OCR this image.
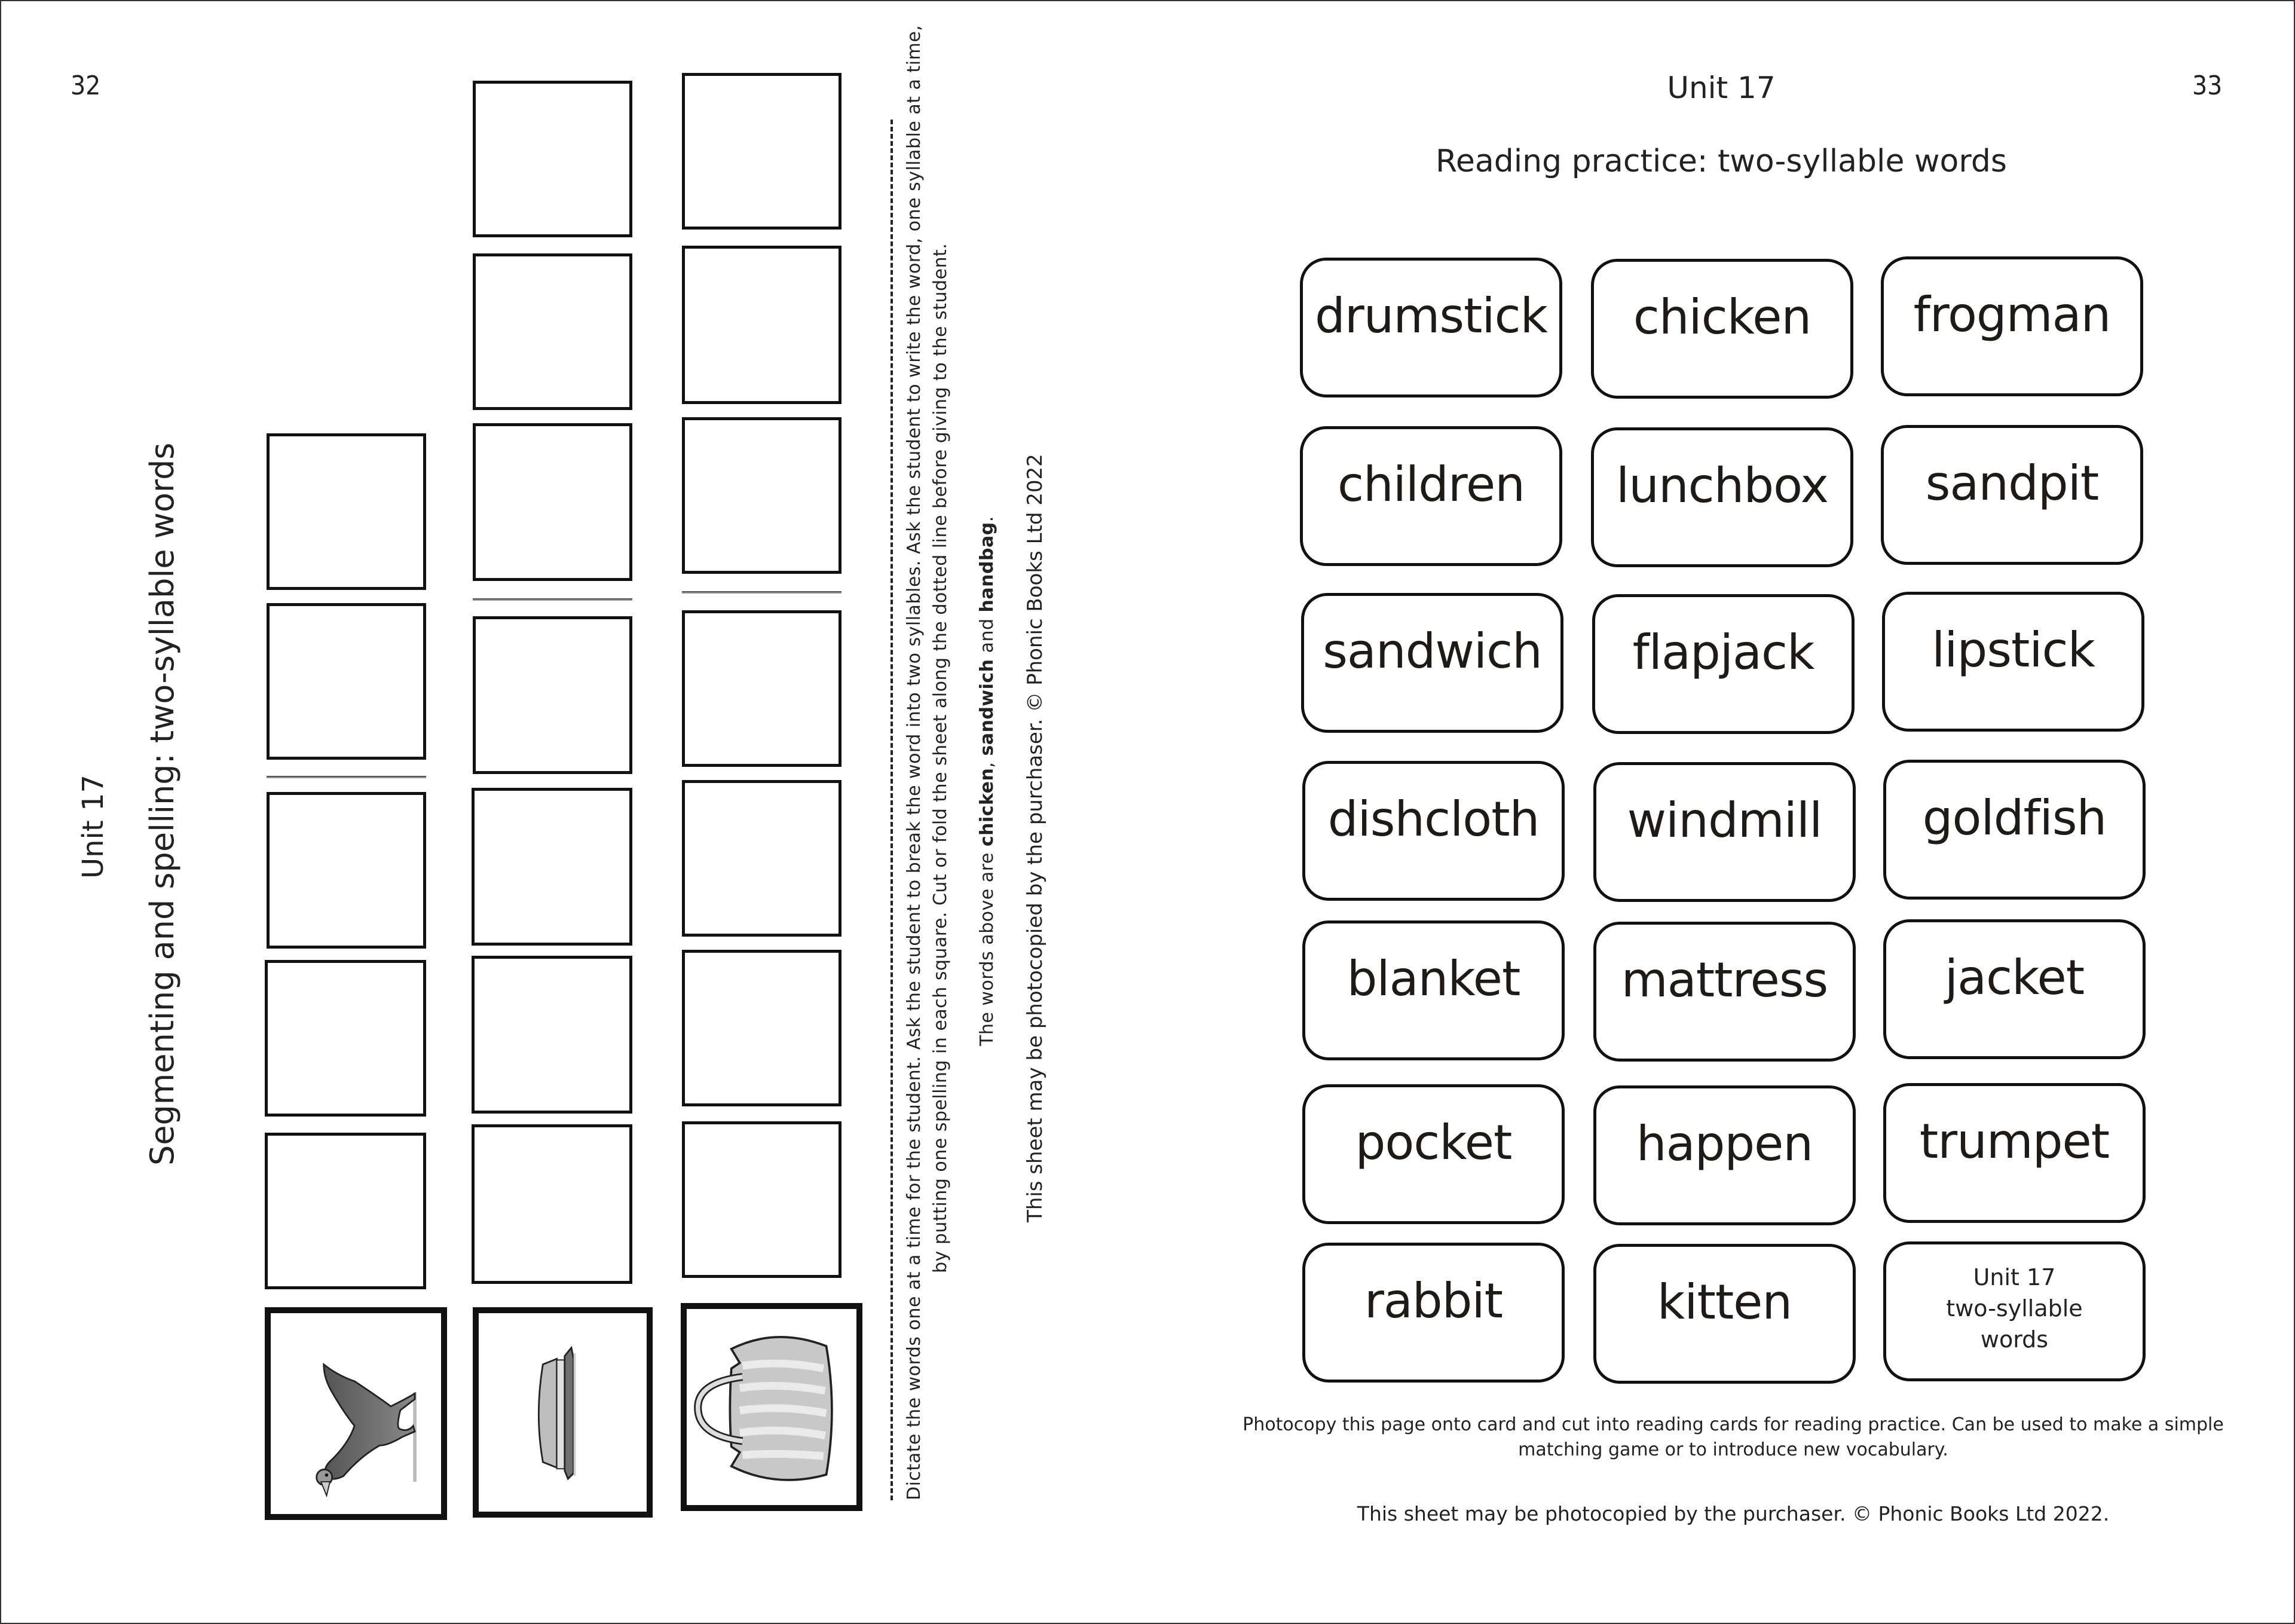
32
Unit 17 Segmenting and spelling: two-syllable words	Dictate the words one at a time for the student. Ask the student to break the word into two syllables. Ask the student to write the word, one syllable at a time, by putting one spelling in each square. Cut or fold the sheet along the dotted line before giving to the student. The words above are chicken, sandwich and handbag. This sheet may be photocopied by the purchaser. © Phonic Books Ltd 2022
33
Unit 17
Reading practice: two-syllable words
drumstick chicken frogman
children lunchbox sandpit
sandwich flapjack lipstick
dishcloth windmill goldfish
blanket mattress jacket
pocket	happen trumpet
rabbit	kitten	Unit 17
two-syllable
words
Photocopy this page onto card and cut into reading cards for reading practice. Can be used to make a simple
matching game or to introduce new vocabulary.
This sheet may be photocopied by the purchaser. © Phonic Books Ltd 2022.
